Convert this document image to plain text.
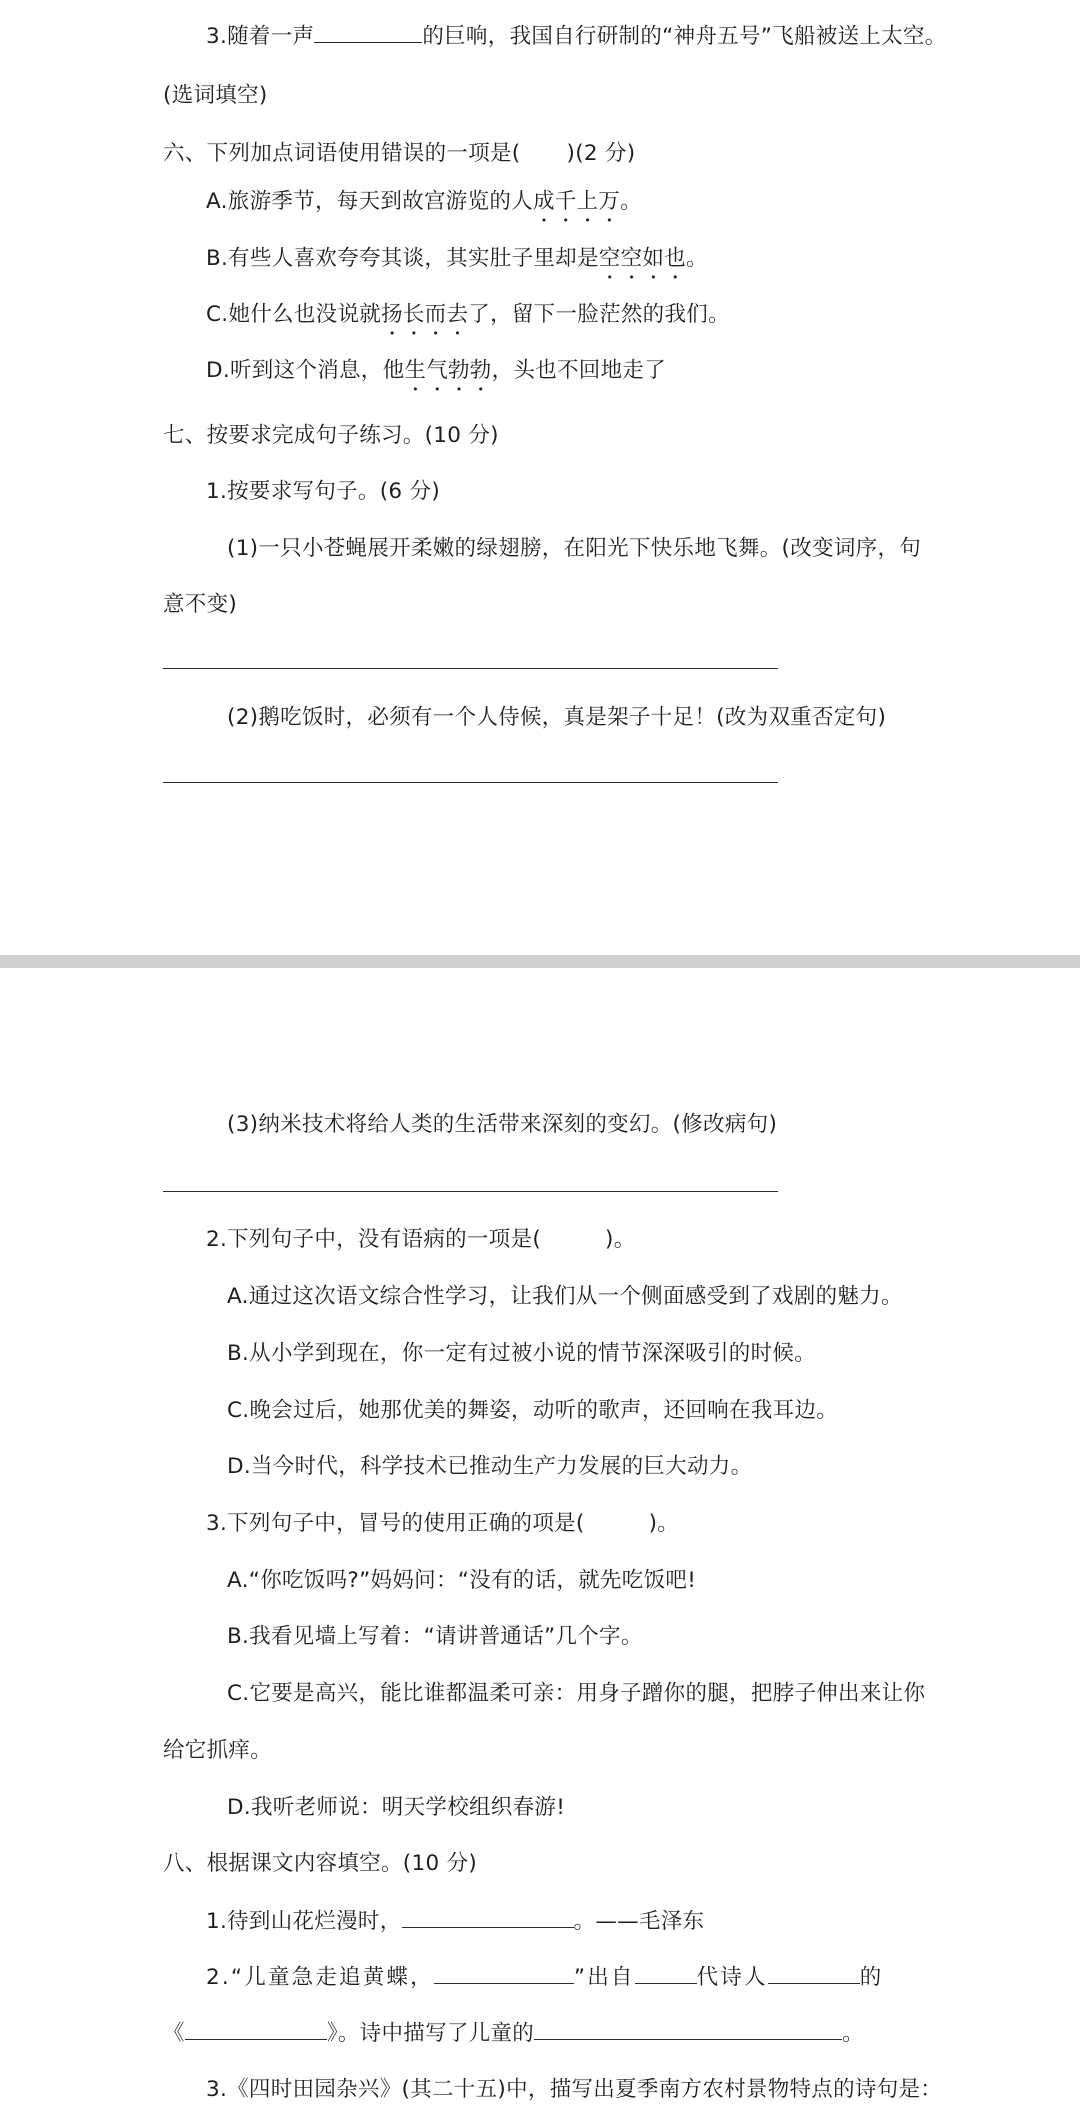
3.随着一声	的巨响，我国自行研制的“神舟五号”飞船被送上太空。
(选词填空)
六、下列加点词语使用错误的一项是( )(2 分)
A.旅游季节，每天到故宫游览的人成千上万。
B.有些人喜欢夸夸其谈，其实肚子里却是空空如也。
C.她什么也没说就扬长而去了，留下一脸茫然的我们。
D.听到这个消息，他生气勃勃，头也不回地走了
七、按要求完成句子练习。(10 分)
1.按要求写句子。(6 分)
(1)一只小苍蝇展开柔嫩的绿翅膀，在阳光下快乐地飞舞。(改变词序，句
意不变)
(2)鹅吃饭时，必须有一个人侍候，真是架子十足！(改为双重否定句)
(3)纳米技术将给人类的生活带来深刻的变幻。(修改病句)
2.下列句子中，没有语病的一项是(	)。
A.通过这次语文综合性学习，让我们从一个侧面感受到了戏剧的魅力。
B.从小学到现在，你一定有过被小说的情节深深吸引的时候。
C.晚会过后，她那优美的舞姿，动听的歌声，还回响在我耳边。
D.当今时代，科学技术已推动生产力发展的巨大动力。
3.下列句子中，冒号的使用正确的项是(	)。
A.“你吃饭吗?”妈妈问：“没有的话，就先吃饭吧!
B.我看见墙上写着：“请讲普通话”几个字。
C.它要是高兴，能比谁都温柔可亲：用身子蹭你的腿，把脖子伸出来让你
给它抓痒。
D.我听老师说：明天学校组织春游!
八、根据课文内容填空。(10 分)
1.待到山花烂漫时，	。——毛泽东
2.“儿童急走追黄蝶，	”出自	代诗人	的
《	》。诗中描写了儿童的	。
3.《四时田园杂兴》(其二十五)中，描写出夏季南方农村景物特点的诗句是：
